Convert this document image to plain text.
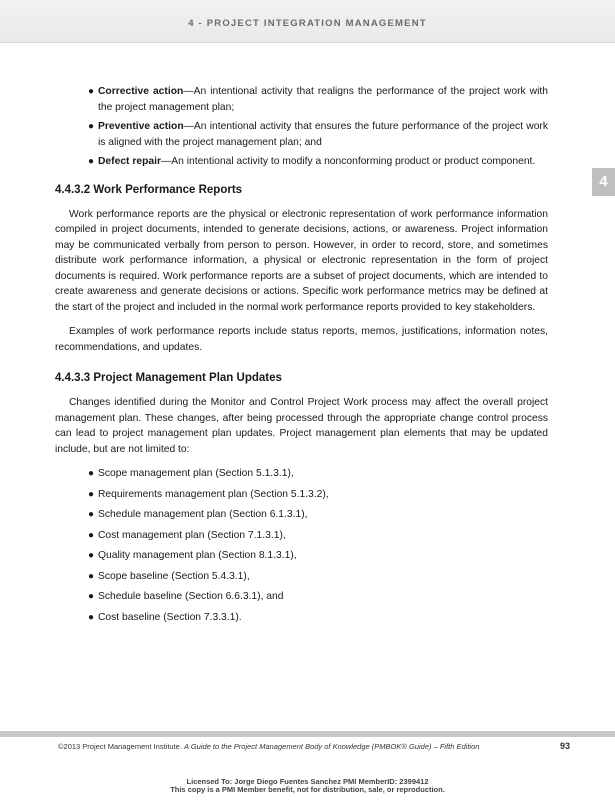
4 - PROJECT INTEGRATION MANAGEMENT
4
● Corrective action—An intentional activity that realigns the performance of the project work with the project management plan;
● Preventive action—An intentional activity that ensures the future performance of the project work is aligned with the project management plan; and
● Defect repair—An intentional activity to modify a nonconforming product or product component.
4.4.3.2 Work Performance Reports

Work performance reports are the physical or electronic representation of work performance information compiled in project documents, intended to generate decisions, actions, or awareness. Project information may be communicated verbally from person to person. However, in order to record, store, and sometimes distribute work performance information, a physical or electronic representation in the form of project documents is required. Work performance reports are a subset of project documents, which are intended to create awareness and generate decisions or actions. Specific work performance metrics may be defined at the start of the project and included in the normal work performance reports provided to key stakeholders.

Examples of work performance reports include status reports, memos, justifications, information notes, recommendations, and updates.

4.4.3.3 Project Management Plan Updates

Changes identified during the Monitor and Control Project Work process may affect the overall project management plan. These changes, after being processed through the appropriate change control process can lead to project management plan updates. Project management plan elements that may be updated include, but are not limited to:

● Scope management plan (Section 5.1.3.1),
● Requirements management plan (Section 5.1.3.2),
● Schedule management plan (Section 6.1.3.1),
● Cost management plan (Section 7.1.3.1),
● Quality management plan (Section 8.1.3.1),
● Scope baseline (Section 5.4.3.1),
● Schedule baseline (Section 6.6.3.1), and
● Cost baseline (Section 7.3.3.1).
©2013 Project Management Institute. A Guide to the Project Management Body of Knowledge (PMBOK® Guide) – Fifth Edition	93
Licensed To: Jorge Diego Fuentes Sanchez PMI MemberID: 2399412
This copy is a PMI Member benefit, not for distribution, sale, or reproduction.
